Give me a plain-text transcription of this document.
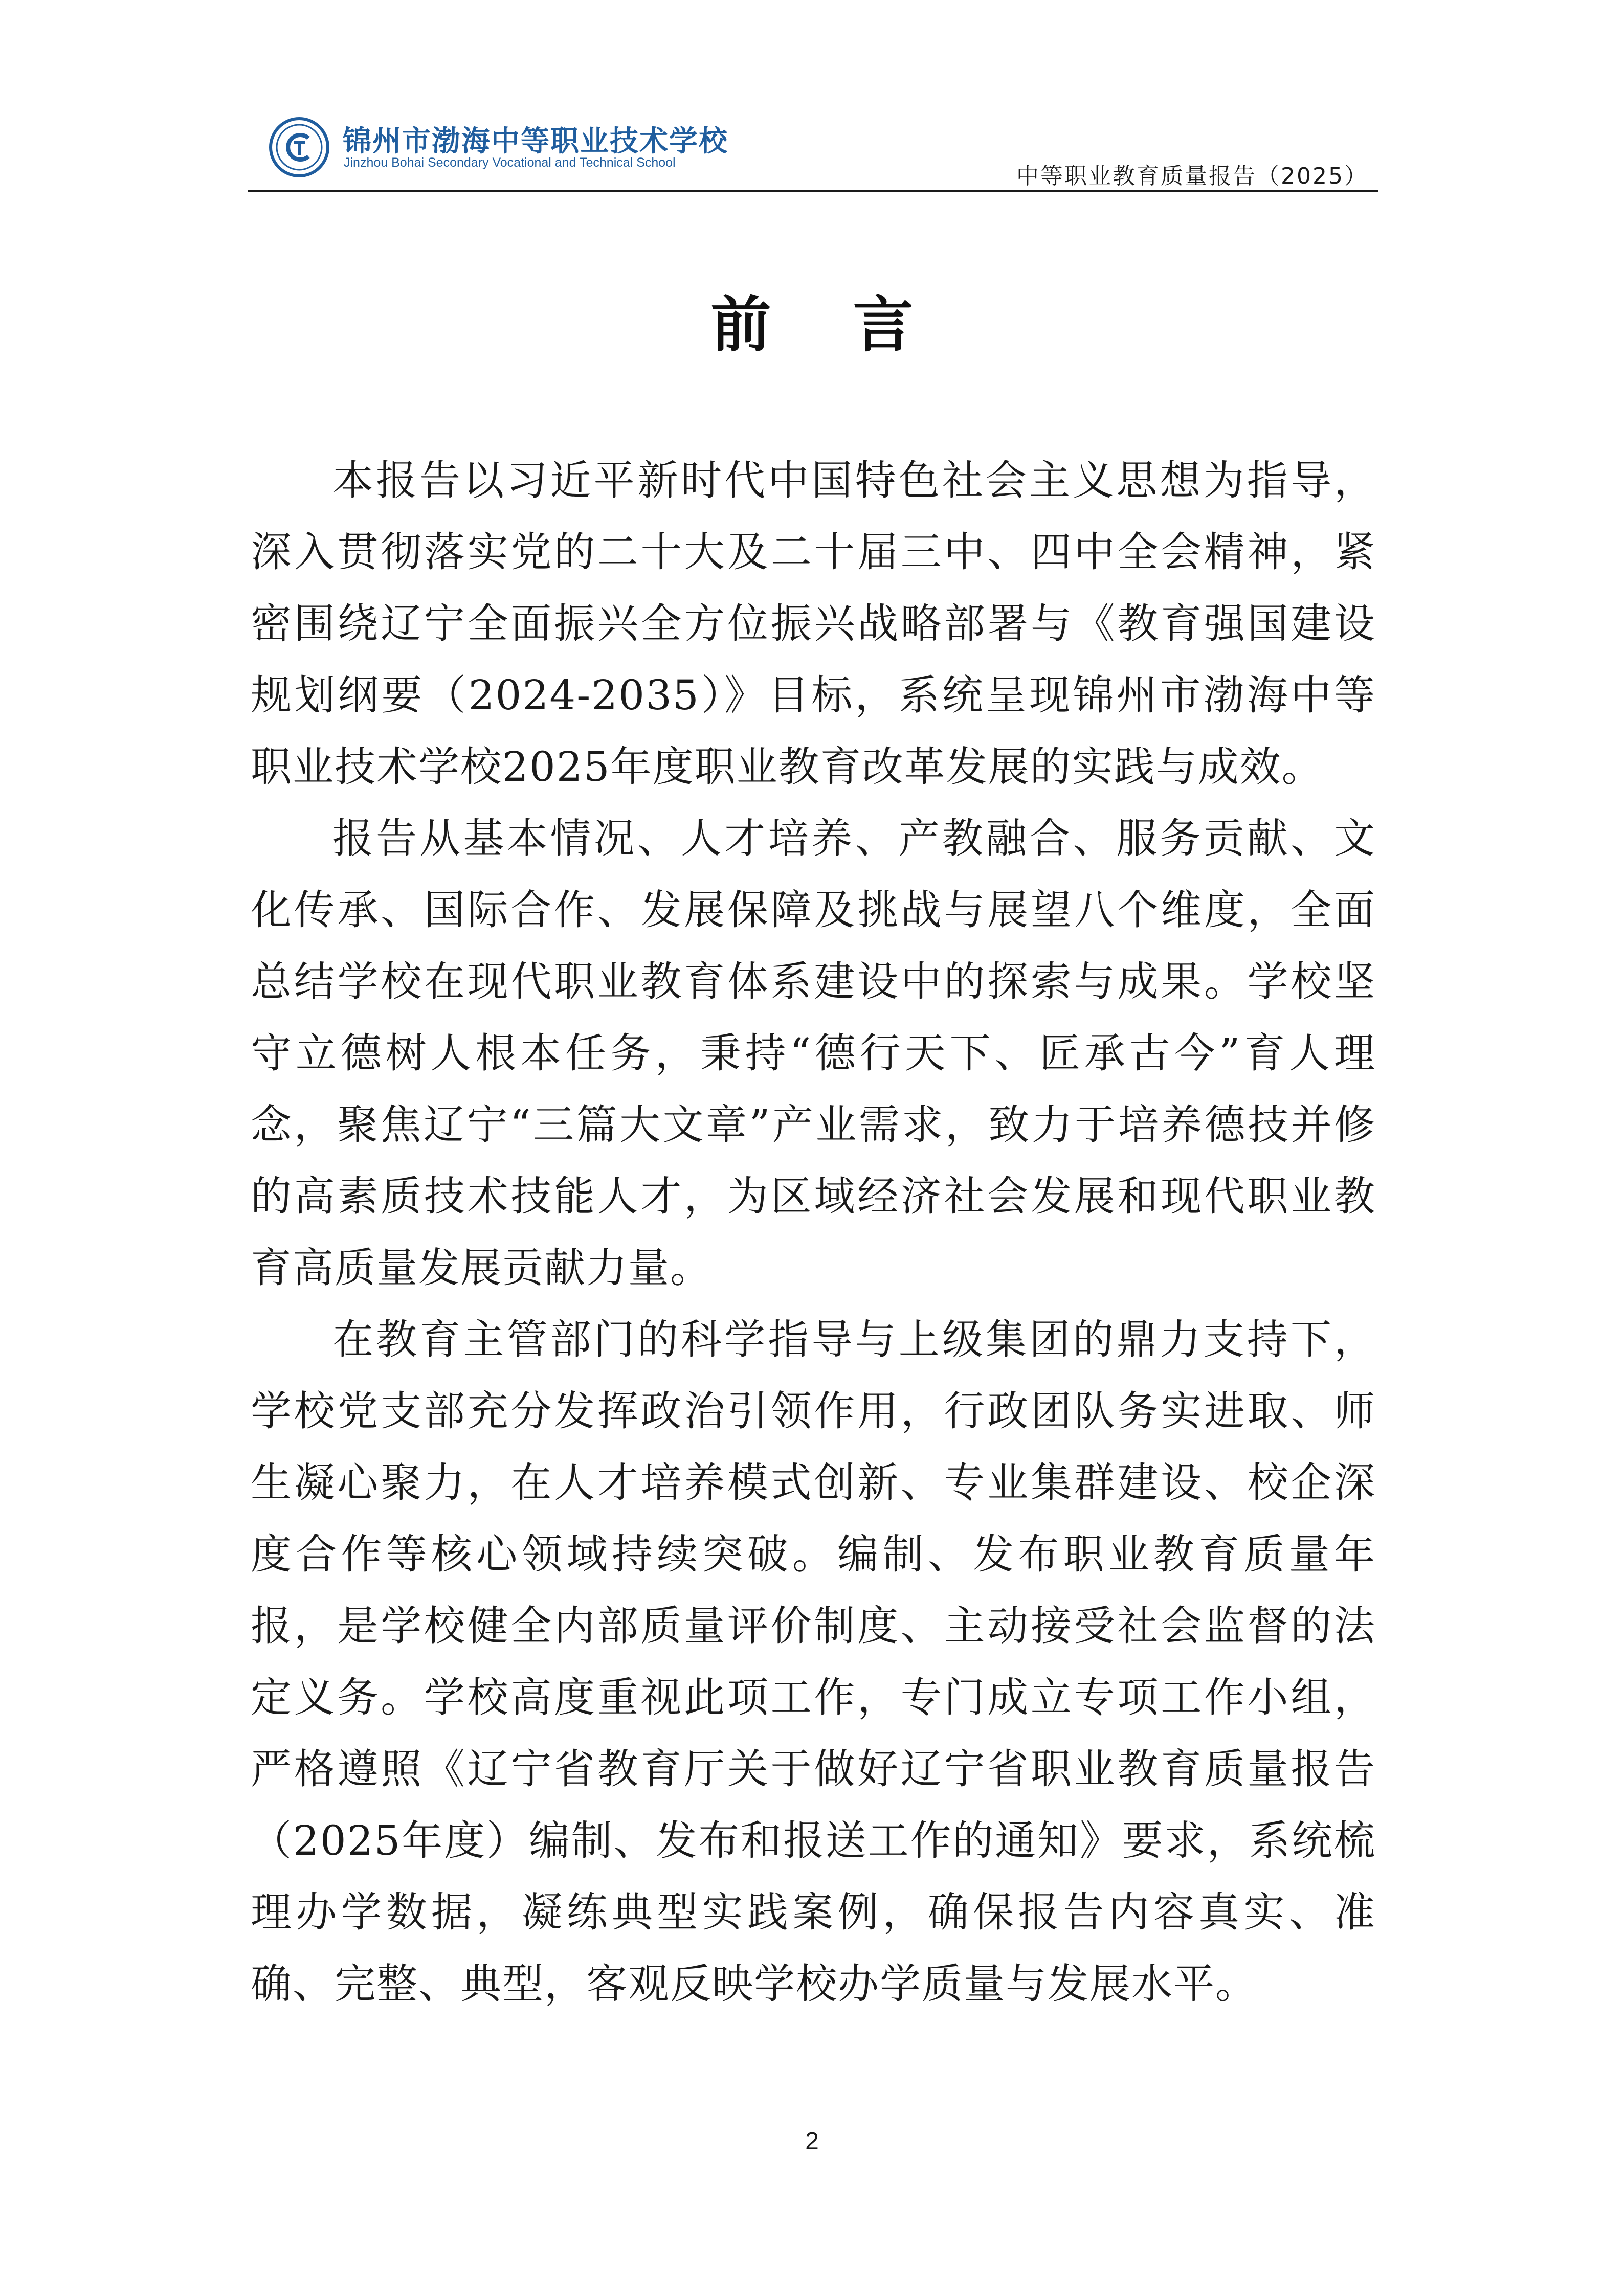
锦州市渤海中等职业技术学校
Jinzhou Bohai Secondary Vocational and Technical School
中等职业教育质量报告（2025）
前言

本报告以习近平新时代中国特色社会主义思想为指导，深入贯彻落实党的二十大及二十届三中、四中全会精神，紧密围绕辽宁全面振兴全方位振兴战略部署与《教育强国建设规划纲要（2024-2035）》目标，系统呈现锦州市渤海中等职业技术学校2025年度职业教育改革发展的实践与成效。

报告从基本情况、人才培养、产教融合、服务贡献、文化传承、国际合作、发展保障及挑战与展望八个维度，全面总结学校在现代职业教育体系建设中的探索与成果。学校坚守立德树人根本任务，秉持“德行天下、匠承古今”育人理念，聚焦辽宁“三篇大文章”产业需求，致力于培养德技并修的高素质技术技能人才，为区域经济社会发展和现代职业教育高质量发展贡献力量。

在教育主管部门的科学指导与上级集团的鼎力支持下，学校党支部充分发挥政治引领作用，行政团队务实进取、师生凝心聚力，在人才培养模式创新、专业集群建设、校企深度合作等核心领域持续突破。编制、发布职业教育质量年报，是学校健全内部质量评价制度、主动接受社会监督的法定义务。学校高度重视此项工作，专门成立专项工作小组，严格遵照《辽宁省教育厅关于做好辽宁省职业教育质量报告（2025年度）编制、发布和报送工作的通知》要求，系统梳理办学数据，凝练典型实践案例，确保报告内容真实、准确、完整、典型，客观反映学校办学质量与发展水平。

2
